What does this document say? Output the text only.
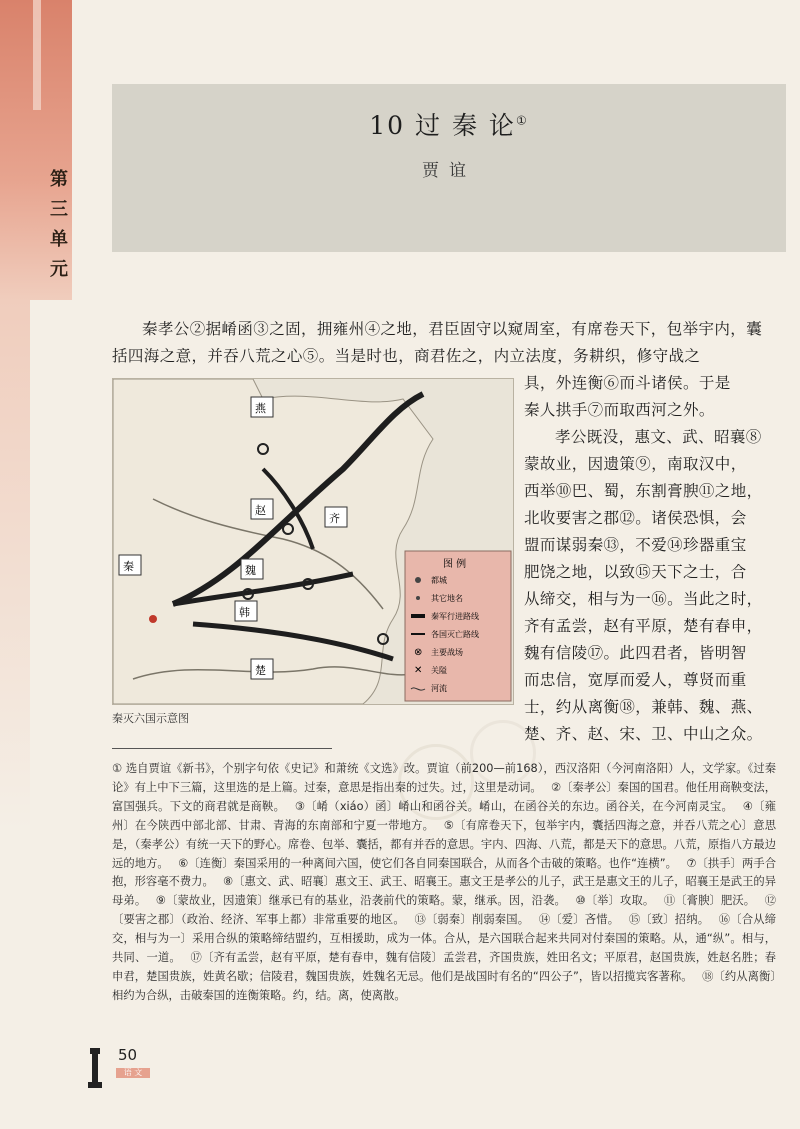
第
三
单
元
10 过 秦 论①
贾谊
秦孝公②据崤函③之固，拥雍州④之地，君臣固守以窥周室，有席卷天下，包举宇内，囊括四海之意，并吞八荒之心⑤。当是时也，商君佐之，内立法度，务耕织，修守战之
燕
赵
齐
魏
韩
秦
楚
图 例
都城
其它地名
秦军行进路线
各国灭亡路线
⊗ 主要战场
✕ 关隘
河流
秦灭六国示意图
具，外连衡⑥而斗诸侯。于是
秦人拱手⑦而取西河之外。
孝公既没，惠文、武、昭襄⑧
蒙故业，因遗策⑨，南取汉中，
西举⑩巴、蜀，东割膏腴⑪之地，
北收要害之郡⑫。诸侯恐惧，会
盟而谋弱秦⑬，不爱⑭珍器重宝
肥饶之地，以致⑮天下之士，合
从缔交，相与为一⑯。当此之时，
齐有孟尝，赵有平原，楚有春申，
魏有信陵⑰。此四君者，皆明智
而忠信，宽厚而爱人，尊贤而重
士，约从离衡⑱，兼韩、魏、燕、
楚、齐、赵、宋、卫、中山之众。
① 选自贾谊《新书》，个别字句依《史记》和萧统《文选》改。贾谊（前200—前168），西汉洛阳（今河南洛阳）人，文学家。《过秦论》有上中下三篇，这里选的是上篇。过秦，意思是指出秦的过失。过，这里是动词。　 ②〔秦孝公〕秦国的国君。他任用商鞅变法，富国强兵。下文的商君就是商鞅。　 ③〔崤（xiáo）函〕崤山和函谷关。崤山，在函谷关的东边。函谷关，在今河南灵宝。　 ④〔雍州〕在今陕西中部北部、甘肃、青海的东南部和宁夏一带地方。　 ⑤〔有席卷天下，包举宇内，囊括四海之意，并吞八荒之心〕意思是，（秦孝公）有统一天下的野心。席卷、包举、囊括，都有并吞的意思。宇内、四海、八荒，都是天下的意思。八荒，原指八方最边远的地方。　 ⑥〔连衡〕秦国采用的一种离间六国，使它们各自同秦国联合，从而各个击破的策略。也作“连横”。　 ⑦〔拱手〕两手合抱，形容毫不费力。　 ⑧〔惠文、武、昭襄〕惠文王、武王、昭襄王。惠文王是孝公的儿子，武王是惠文王的儿子，昭襄王是武王的异母弟。　 ⑨〔蒙故业，因遗策〕继承已有的基业，沿袭前代的策略。蒙，继承。因，沿袭。　 ⑩〔举〕攻取。　 ⑪〔膏腴〕肥沃。　 ⑫〔要害之郡〕（政治、经济、军事上都）非常重要的地区。　 ⑬〔弱秦〕削弱秦国。　 ⑭〔爱〕吝惜。　 ⑮〔致〕招纳。　 ⑯〔合从缔交，相与为一〕采用合纵的策略缔结盟约，互相援助，成为一体。合从，是六国联合起来共同对付秦国的策略。从，通“纵”。相与，共同、一道。　 ⑰〔齐有孟尝，赵有平原，楚有春申，魏有信陵〕孟尝君，齐国贵族，姓田名文；平原君，赵国贵族，姓赵名胜；春申君，楚国贵族，姓黄名歇；信陵君，魏国贵族，姓魏名无忌。他们是战国时有名的“四公子”，皆以招揽宾客著称。　 ⑱〔约从离衡〕相约为合纵，击破秦国的连衡策略。约，结。离，使离散。　
50
语 文
